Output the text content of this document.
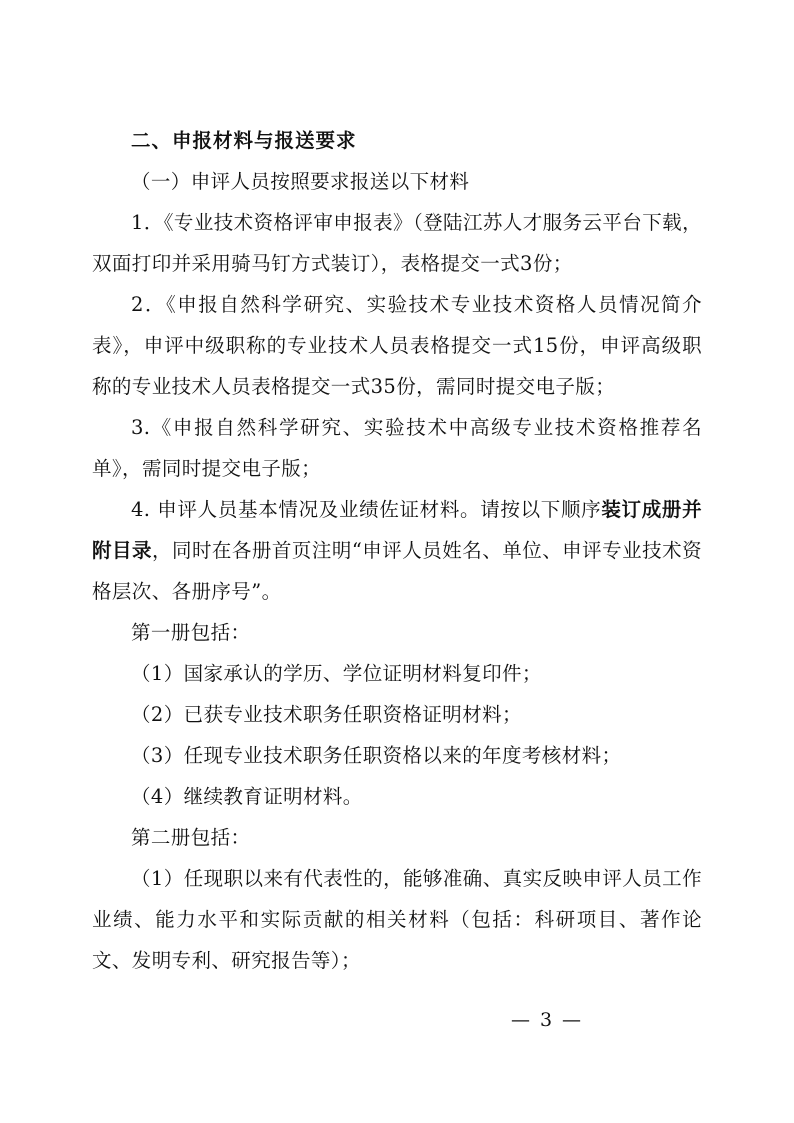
二、申报材料与报送要求

（一）申评人员按照要求报送以下材料

1．《专业技术资格评审申报表》（登陆江苏人才服务云平台下载，双面打印并采用骑马钉方式装订），表格提交一式3份；

2．《申报自然科学研究、实验技术专业技术资格人员情况简介表》，申评中级职称的专业技术人员表格提交一式15份，申评高级职称的专业技术人员表格提交一式35份，需同时提交电子版；

3.《申报自然科学研究、实验技术中高级专业技术资格推荐名单》，需同时提交电子版；

4. 申评人员基本情况及业绩佐证材料。请按以下顺序装订成册并附目录，同时在各册首页注明“申评人员姓名、单位、申评专业技术资格层次、各册序号”。

第一册包括：

（1）国家承认的学历、学位证明材料复印件；

（2）已获专业技术职务任职资格证明材料；

（3）任现专业技术职务任职资格以来的年度考核材料；

（4）继续教育证明材料。

第二册包括：

（1）任现职以来有代表性的，能够准确、真实反映申评人员工作业绩、能力水平和实际贡献的相关材料（包括：科研项目、著作论文、发明专利、研究报告等）；

— 3 —
